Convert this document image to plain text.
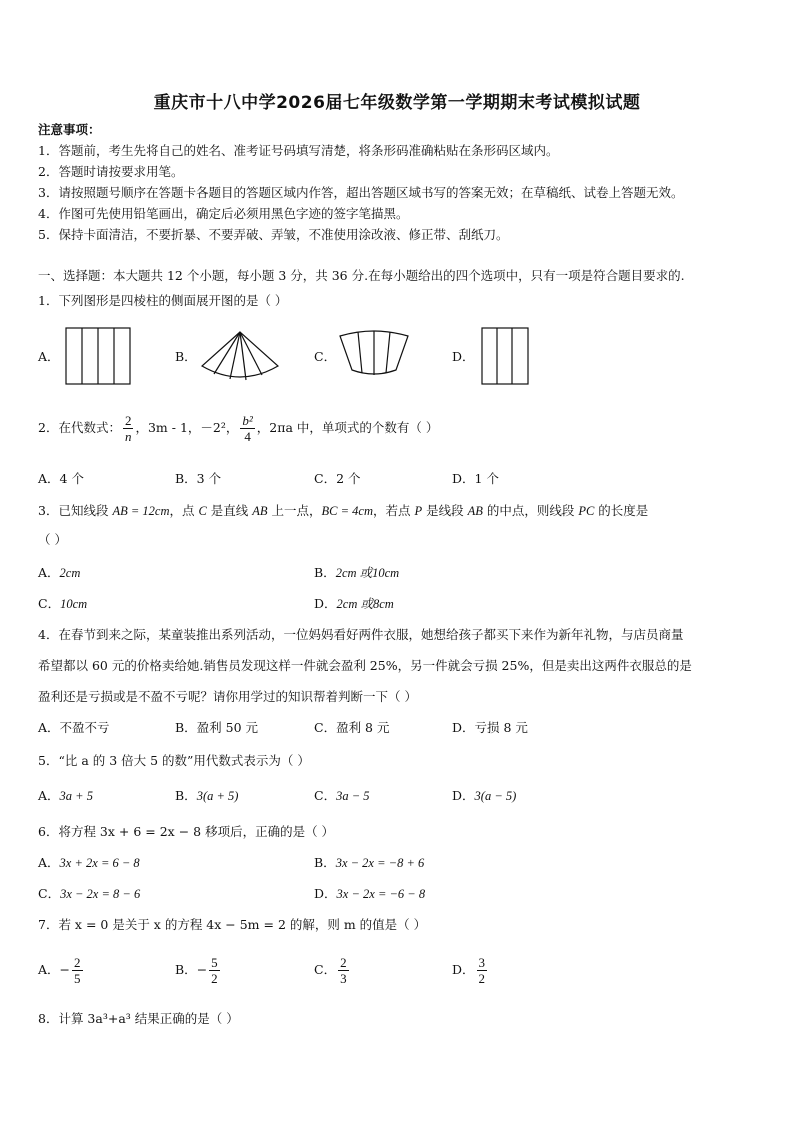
重庆市十八中学2026届七年级数学第一学期期末考试模拟试题
注意事项：
1．答题前，考生先将自己的姓名、准考证号码填写清楚，将条形码准确粘贴在条形码区域内。
2．答题时请按要求用笔。
3．请按照题号顺序在答题卡各题目的答题区域内作答，超出答题区域书写的答案无效；在草稿纸、试卷上答题无效。
4．作图可先使用铅笔画出，确定后必须用黑色字迹的签字笔描黑。
5．保持卡面清洁，不要折暴、不要弄破、弄皱，不准使用涂改液、修正带、刮纸刀。
一、选择题：本大题共 12 个小题，每小题 3 分，共 36 分.在每小题给出的四个选项中，只有一项是符合题目要求的.
1．下列图形是四棱柱的侧面展开图的是（ ）
A．	B．	C．	D．
2．在代数式： $\frac{2}{n}$ ，3m - 1，－2²， $\frac{\text{b²}}{4}$ ，2πa 中，单项式的个数有（ ）
A．4 个	B．3 个	C．2 个	D．1 个
3．已知线段 AB = 12cm，点 C 是直线 AB 上一点，BC = 4cm，若点 P 是线段 AB 的中点，则线段 PC 的长度是
（ ）
A．2cm	B．2cm 或10cm
C．10cm	D．2cm 或8cm
4．在春节到来之际，某童装推出系列活动，一位妈妈看好两件衣服，她想给孩子都买下来作为新年礼物，与店员商量
希望都以 60 元的价格卖给她.销售员发现这样一件就会盈利 25%，另一件就会亏损 25%，但是卖出这两件衣服总的是
盈利还是亏损或是不盈不亏呢？请你用学过的知识帮着判断一下（ ）
A．不盈不亏	B．盈利 50 元	C．盈利 8 元	D．亏损 8 元
5．“比 a 的 3 倍大 5 的数”用代数式表示为（ ）
A．3a + 5	B．3(a + 5)	C．3a − 5	D．3(a − 5)
6．将方程 3x + 6 = 2x − 8 移项后，正确的是（ ）
A．3x + 2x = 6 − 8	B．3x − 2x = −8 + 6
C．3x − 2x = 8 − 6	D．3x − 2x = −6 − 8
7．若 x = 0 是关于 x 的方程 4x − 5m = 2 的解，则 m 的值是（ ）
A．− $\frac{2}{5}$	B．− $\frac{5}{2}$	C． $\frac{2}{3}$	D． $\frac{3}{2}$
8．计算 3a³+a³ 结果正确的是（ ）
